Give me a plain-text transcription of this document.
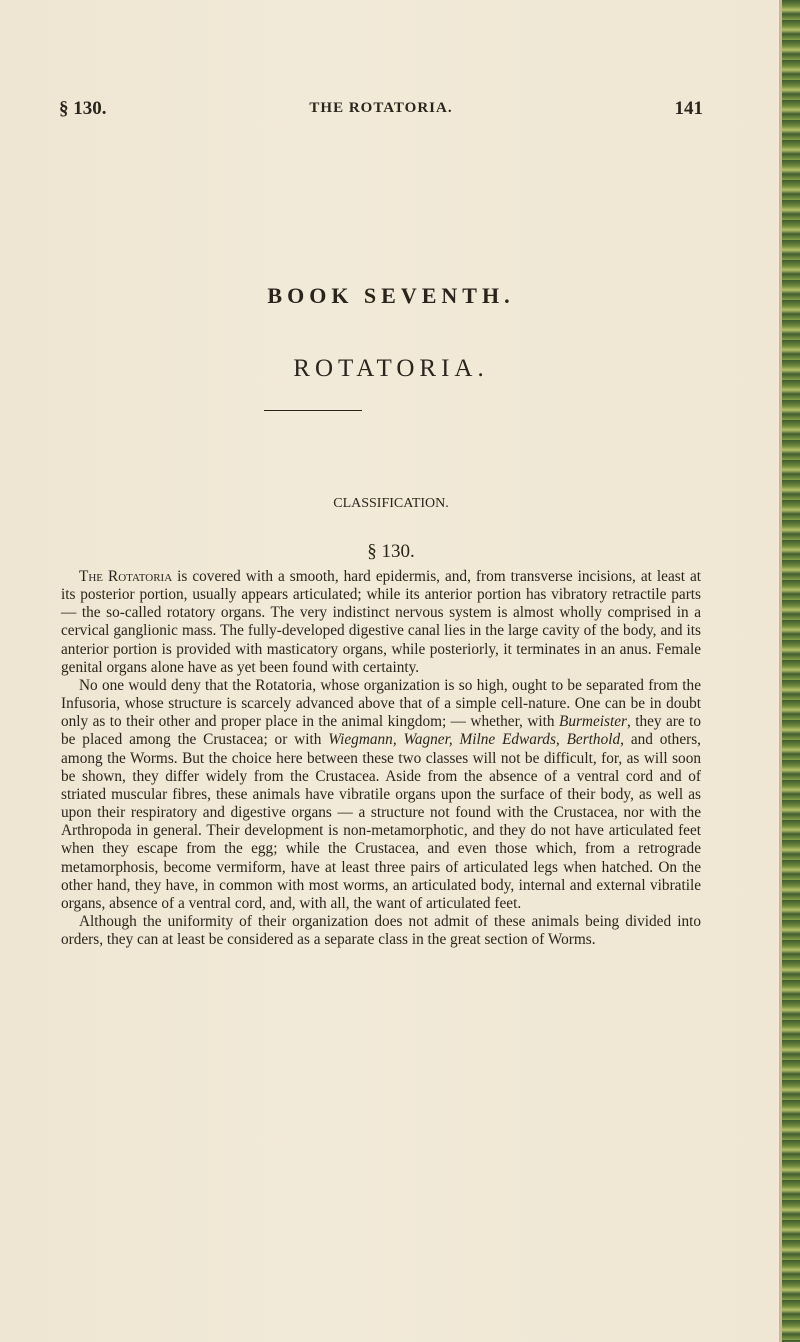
§ 130.	THE ROTATORIA.	141
BOOK SEVENTH.
ROTATORIA.
CLASSIFICATION.
§ 130.

The Rotatoria is covered with a smooth, hard epidermis, and, from transverse incisions, at least at its posterior portion, usually appears articulated; while its anterior portion has vibratory retractile parts — the so-called rotatory organs. The very indistinct nervous system is almost wholly comprised in a cervical ganglionic mass. The fully-developed digestive canal lies in the large cavity of the body, and its anterior portion is provided with masticatory organs, while posteriorly, it terminates in an anus. Female genital organs alone have as yet been found with certainty.

No one would deny that the Rotatoria, whose organization is so high, ought to be separated from the Infusoria, whose structure is scarcely advanced above that of a simple cell-nature. One can be in doubt only as to their other and proper place in the animal kingdom; — whether, with Burmeister, they are to be placed among the Crustacea; or with Wiegmann, Wagner, Milne Edwards, Berthold, and others, among the Worms. But the choice here between these two classes will not be difficult, for, as will soon be shown, they differ widely from the Crustacea. Aside from the absence of a ventral cord and of striated muscular fibres, these animals have vibratile organs upon the surface of their body, as well as upon their respiratory and digestive organs — a structure not found with the Crustacea, nor with the Arthropoda in general. Their development is non-metamorphotic, and they do not have articulated feet when they escape from the egg; while the Crustacea, and even those which, from a retrograde metamorphosis, become vermiform, have at least three pairs of articulated legs when hatched. On the other hand, they have, in common with most worms, an articulated body, internal and external vibratile organs, absence of a ventral cord, and, with all, the want of articulated feet.

Although the uniformity of their organization does not admit of these animals being divided into orders, they can at least be considered as a separate class in the great section of Worms.
